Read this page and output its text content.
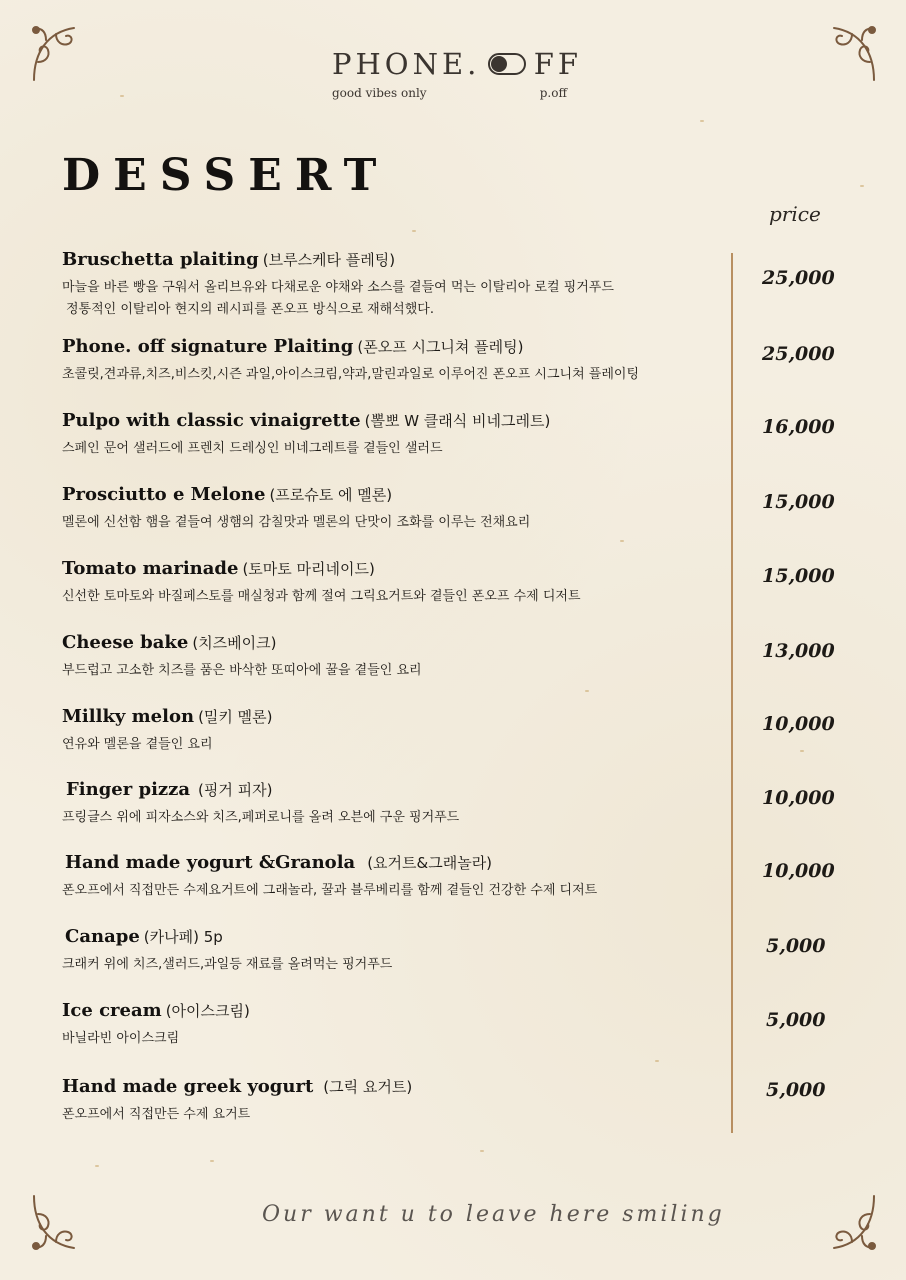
PHONE. FF
good vibes only	p.off
DESSERT
price
Bruschetta plaiting (브루스케타 플레팅)
마늘을 바른 빵을 구워서 올리브유와 다채로운 야채와 소스를 곁들여 먹는 이탈리아 로컬 핑거푸드
정통적인 이탈리아 현지의 레시피를 폰오프 방식으로 재해석했다.
25,000
Phone. off signature Plaiting (폰오프 시그니쳐 플레팅)
초콜릿,견과류,치즈,비스킷,시즌 과일,아이스크림,약과,말린과일로 이루어진 폰오프 시그니쳐 플레이팅
25,000
Pulpo with classic vinaigrette (뽈뽀 W 클래식 비네그레트)
스페인 문어 샐러드에 프렌치 드레싱인 비네그레트를 곁들인 샐러드
16,000
Prosciutto e Melone (프로슈토 에 멜론)
멜론에 신선함 햄을 곁들여 생햄의 감칠맛과 멜론의 단맛이 조화를 이루는 전채요리
15,000
Tomato marinade (토마토 마리네이드)
신선한 토마토와 바질페스토를 매실청과 함께 절여 그릭요거트와 곁들인 폰오프 수제 디저트
15,000
Cheese bake (치즈베이크)
부드럽고 고소한 치즈를 품은 바삭한 또띠아에 꿀을 곁들인 요리
13,000
Millky melon (밀키 멜론)
연유와 멜론을 곁들인 요리
10,000
Finger pizza (핑거 피자)
프링글스 위에 피자소스와 치즈,페퍼로니를 올려 오븐에 구운 핑거푸드
10,000
Hand made yogurt &Granola (요거트&그래놀라)
폰오프에서 직접만든 수제요거트에 그래놀라, 꿀과 블루베리를 함께 곁들인 건강한 수제 디저트
10,000
Canape (카나페) 5p
크래커 위에 치즈,샐러드,과일등 재료를 올려먹는 핑거푸드
5,000
Ice cream (아이스크림)
바닐라빈 아이스크림
5,000
Hand made greek yogurt (그릭 요거트)
폰오프에서 직접만든 수제 요거트
5,000
Our want u to leave here smiling
